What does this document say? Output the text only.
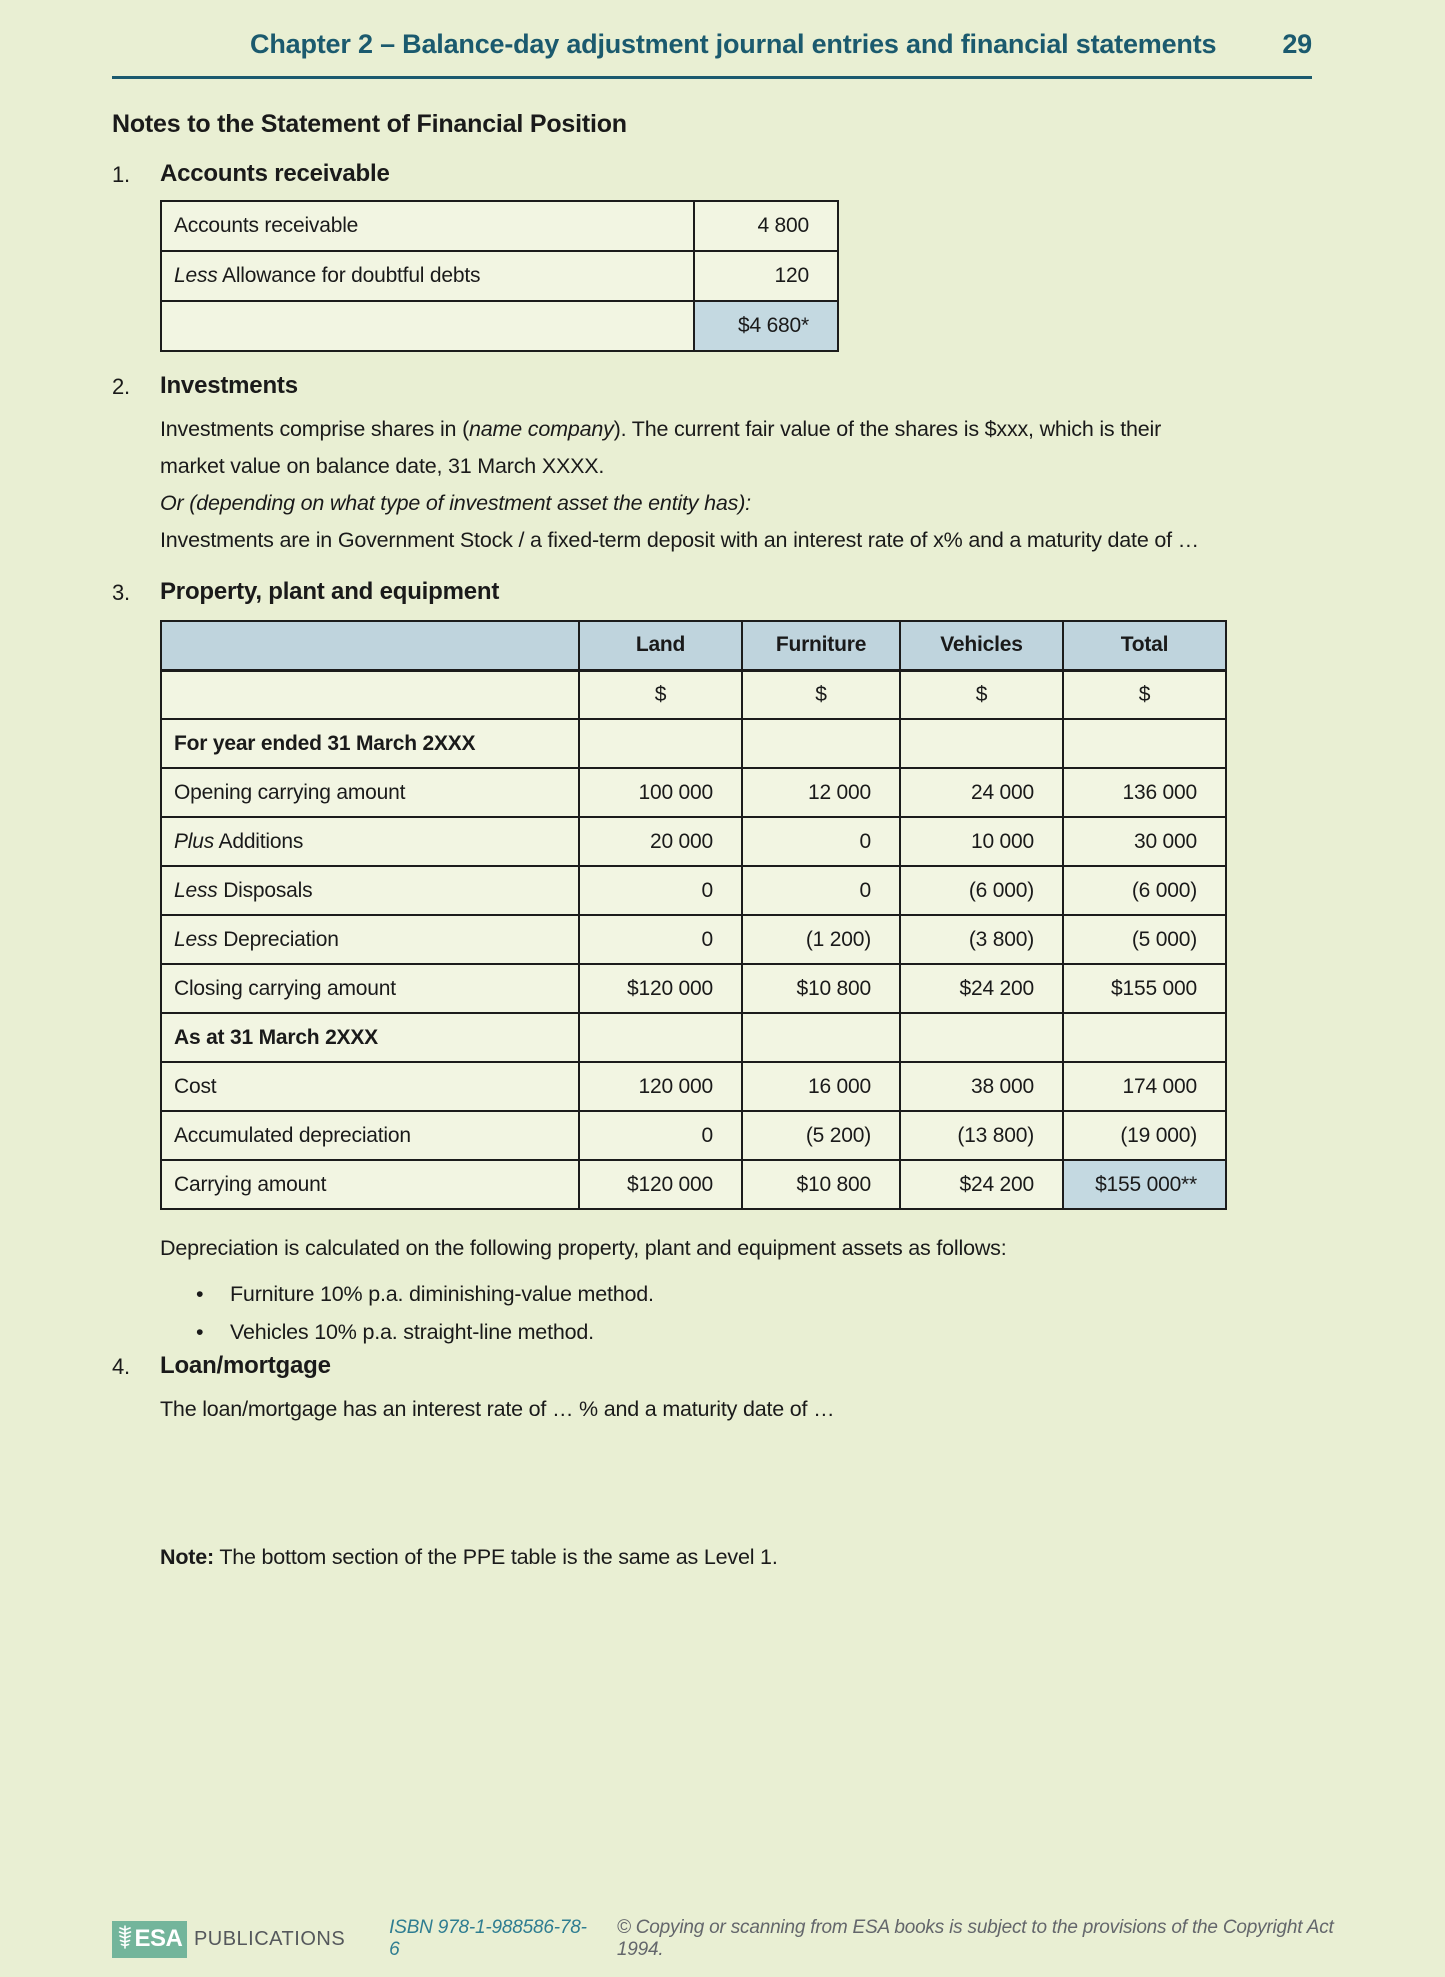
Chapter 2 – Balance-day adjustment journal entries and financial statements	29
Notes to the Statement of Financial Position
1.	Accounts receivable
Accounts receivable	4 800
Less Allowance for doubtful debts	120
	$4 680*
2.	Investments
Investments comprise shares in (name company). The current fair value of the shares is $xxx, which is their
market value on balance date, 31 March XXXX.
Or (depending on what type of investment asset the entity has):
Investments are in Government Stock / a fixed-term deposit with an interest rate of x% and a maturity date of …
3.	Property, plant and equipment
	Land	Furniture	Vehicles	Total
	$	$	$	$
For year ended 31 March 2XXX				
Opening carrying amount	100 000	12 000	24 000	136 000
Plus Additions	20 000	0	10 000	30 000
Less Disposals	0	0	(6 000)	(6 000)
Less Depreciation	0	(1 200)	(3 800)	(5 000)
Closing carrying amount	$120 000	$10 800	$24 200	$155 000
As at 31 March 2XXX				
Cost	120 000	16 000	38 000	174 000
Accumulated depreciation	0	(5 200)	(13 800)	(19 000)
Carrying amount	$120 000	$10 800	$24 200	$155 000**
Depreciation is calculated on the following property, plant and equipment assets as follows:
•	Furniture 10% p.a. diminishing-value method.
•	Vehicles 10% p.a. straight-line method.
4.	Loan/mortgage
The loan/mortgage has an interest rate of … % and a maturity date of …
Note: The bottom section of the PPE table is the same as Level 1.
ESA PUBLICATIONS ISBN 978-1-988586-78-6
© Copying or scanning from ESA books is subject to the provisions of the Copyright Act 1994.
